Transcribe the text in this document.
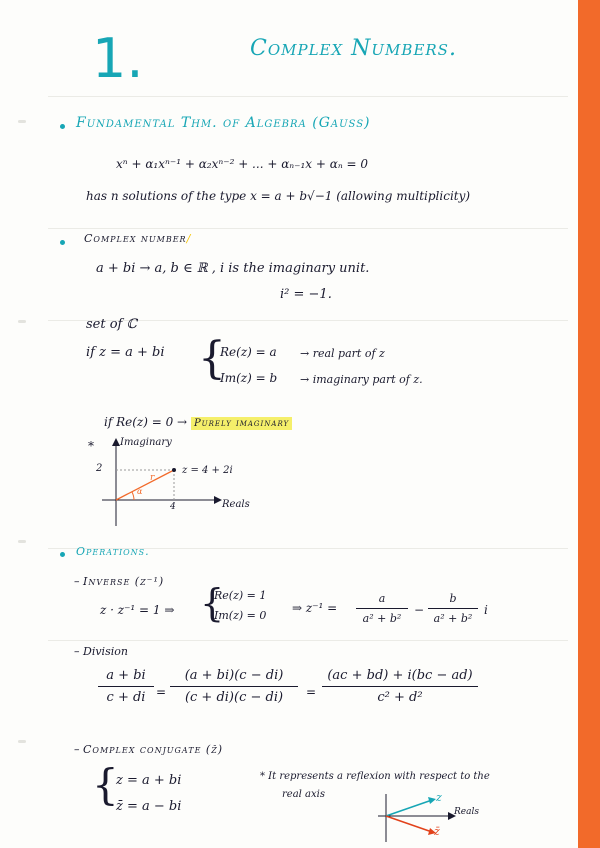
1.	Complex Numbers.
Fundamental Thm. of Algebra (Gauss)
xⁿ + α₁xⁿ⁻¹ + α₂xⁿ⁻² + ... + αₙ₋₁x + αₙ = 0
has n solutions of the type x = a + b√−1 (allowing multiplicity)
Complex number/
a + bi → a, b ∈ ℝ , i is the imaginary unit.
i² = −1.
set of ℂ
if z = a + bi {
Re(z) = a → real part of z
Im(z) = b → imaginary part of z.
if Re(z) = 0 → Purely imaginary
*	Imaginary
Reals
2
4
z = 4 + 2i
r
α
Operations.
– Inverse (z⁻¹)
z · z⁻¹ = 1 ⇒ {
Re(z) = 1
Im(z) = 0
⇒ z⁻¹ =
a
a² + b²
−
b
a² + b²
i
– Division
a + bi
c + di =
(a + bi)(c − di)
(c + di)(c − di)	=
(ac + bd) + i(bc − ad)
c² + d²
– Complex conjugate (z̄)
{
z = a + bi
z̄ = a − bi
* It represents a reflexion with respect to the
real axis	z
z̄
Reals
